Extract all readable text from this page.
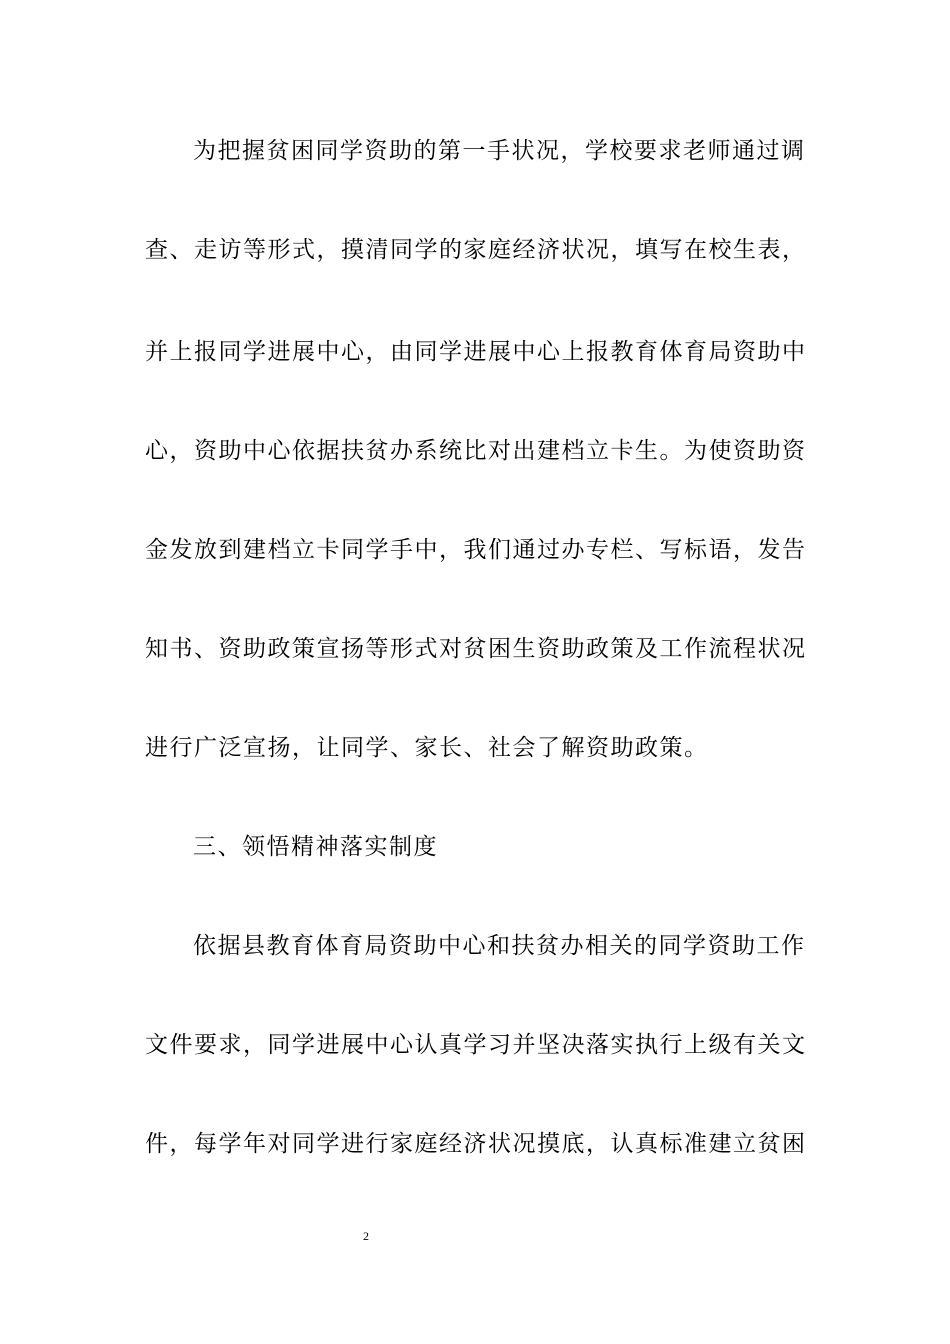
为把握贫困同学资助的第一手状况，学校要求老师通过调
查、走访等形式，摸清同学的家庭经济状况，填写在校生表，
并上报同学进展中心，由同学进展中心上报教育体育局资助中
心，资助中心依据扶贫办系统比对出建档立卡生。为使资助资
金发放到建档立卡同学手中，我们通过办专栏、写标语，发告
知书、资助政策宣扬等形式对贫困生资助政策及工作流程状况
进行广泛宣扬，让同学、家长、社会了解资助政策。
三、领悟精神落实制度
依据县教育体育局资助中心和扶贫办相关的同学资助工作
文件要求，同学进展中心认真学习并坚决落实执行上级有关文
件，每学年对同学进行家庭经济状况摸底，认真标准建立贫困
2
